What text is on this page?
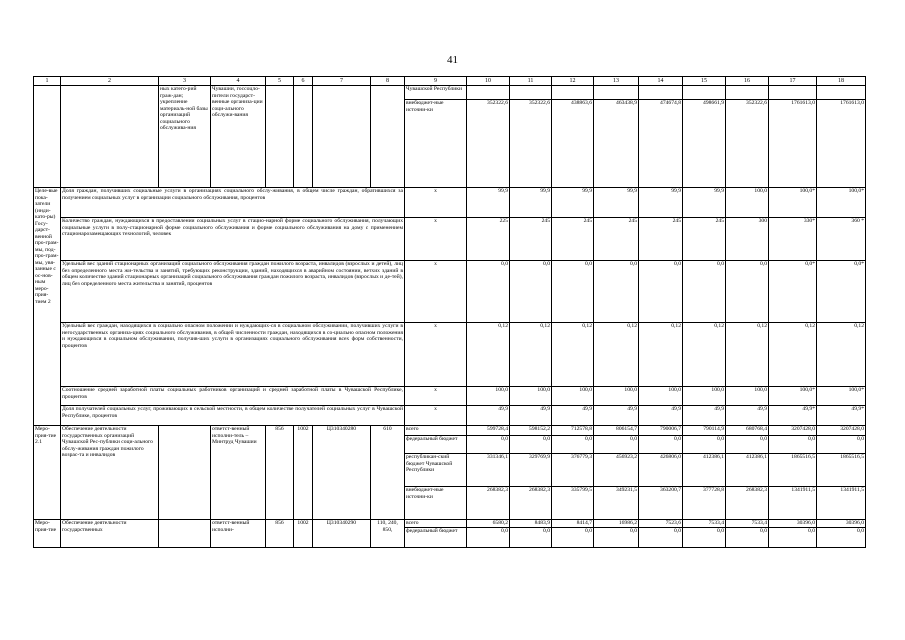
41
1	2	3	4	5	6	7	8	9	10	11	12	13	14	15	16	17	18
		ных катего-рий граж-дан; укрепление материаль-ной базы организаций социального обслужива-ния	Чувашии, госсоцло-пители государст-венные организа-ции соци-ального обслужи-вания					Чувашской Республики									
								внебюджет-ные источни-ки	352322,6	352322,6	438863,6	463438,9	474674,8	498661,9	352322,6	1761613,0	1761613,0
Целе-вые пока-затели (инди-като-ры) Госу-дарст-венной про-грам-мы, под-про-грам-мы, увя-занные с ос-нов-ным меро-прия-тием 2	Доля граждан, получивших социальные услуги в организациях социального обслу-живания, в общем числе граждан, обратившихся за получением социальных услуг в организации социального обслуживания, процентов							x	99,9	99,9	99,9	99,9	99,9	99,9	100,0	100,0*	100,0*
	Количество граждан, нуждающихся в предоставлении социальных услуг в стацио-нарной форме социального обслуживания, получающих социальные услуги в полу-стационарной форме социального обслуживания и форме социального обслуживания на дому с применением стационарозамещающих технологий, человек							x	225	245	245	245	245	245	300	330*	360 *
	Удельный вес зданий стационарных организаций социального обслуживания граждан пожилого возраста, инвалидов (взрослых и детей), лиц без определенного места жи-тельства и занятий, требующих реконструкции, зданий, находящихся в аварийном состоянии, ветхих зданий в общем количестве зданий стационарных организаций социального обслуживания граждан пожилого возраста, инвалидов (взрослых и де-тей), лиц без определенного места жительства и занятий, процентов							x	0,0	0,0	0,0	0,0	0,0	0,0	0,0	0,0*	0,0*
	Удельный вес граждан, находящихся в социально опасном положении и нуждающих-ся в социальном обслуживании, получивших услуги в негосударственных организа-циях социального обслуживания, в общей численности граждан, находящихся в со-циально опасном положения и нуждающихся в социальном обслуживании, получив-ших услуги в организациях социального обслуживания всех форм собственности, процентов							x	0,12	0,12	0,12	0,12	0,12	0,12	0,12	0,12	0,12
	Соотношение средней заработной платы социальных работников организаций и средней заработной платы в Чувашской Республике, процентов							x	100,0	100,0	100,0	100,0	100,0	100,0	100,0	100,0*	100,0*
	Доля получателей социальных услуг, проживающих в сельской местности, в общем количестве получателей социальных услуг в Чувашской Республике, процентов							x	49,9	49,9	49,9	49,9	49,9	49,9	49,9	49,9*	49,9*
Меро-прия-тие 2.1	Обеспечение деятельности государственных организаций Чувашской Рес-публики соци-ального обслу-живания граждан пожилого возрас-та и инвалидов		ответст-венный исполни-тель – Минтруд Чувашии	856	1002	Ц310340280	610	всего	599728,4	598152,2	712578,8	806154,7	790006,7	790114,9	680768,4	3207428,0	3207428,0
								федеральный бюджет	0,0	0,0	0,0	0,0	0,0	0,0	0,0	0,0	0,0
								республикан-ский бюджет Чувашской Республики	331346,1	329769,9	376779,3	456923,2	426806,0	412386,1	412386,1	1865516,5	1865516,5
								внебюджет-ные источни-ки	268382,3	268382,3	335799,5	349231,5	363200,7	377728,8	268382,3	1341911,5	1341911,5
Меро-прия-тие	Обеспечение деятельности государственных		ответст-венный исполни-	856	1002	Ц310340290	110, 240, 850,	всего	6580,2	8483,9	8414,7	16986,2	7523,6	7533,4	7533,4	30396,0	30396,0
								федеральный бюджет	0,0	0,0	0,0	0,0	0,0	0,0	0,0	0,0	0,0
